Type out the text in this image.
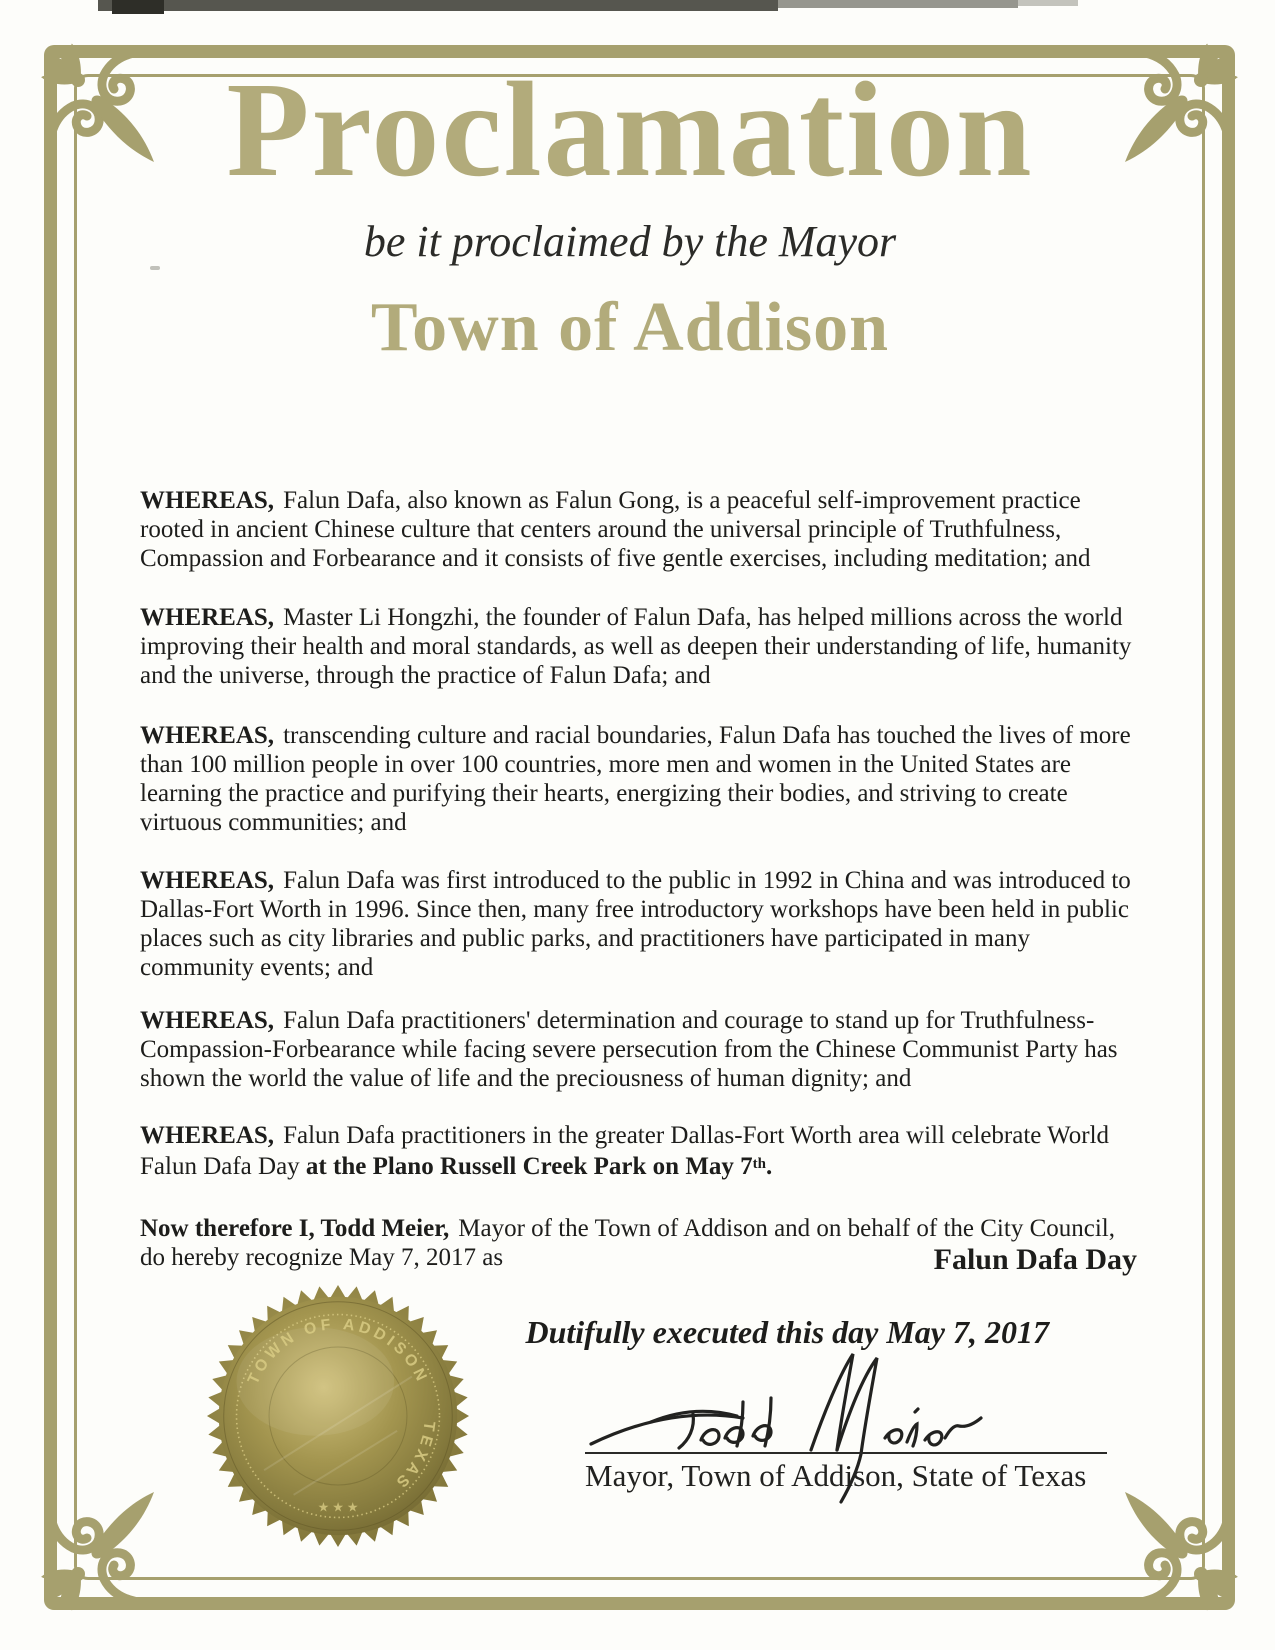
Proclamation
be it proclaimed by the Mayor
Town of Addison

WHEREAS, Falun Dafa, also known as Falun Gong, is a peaceful self-improvement practice rooted in ancient Chinese culture that centers around the universal principle of Truthfulness, Compassion and Forbearance and it consists of five gentle exercises, including meditation; and

WHEREAS, Master Li Hongzhi, the founder of Falun Dafa, has helped millions across the world improving their health and moral standards, as well as deepen their understanding of life, humanity and the universe, through the practice of Falun Dafa; and

WHEREAS, transcending culture and racial boundaries, Falun Dafa has touched the lives of more than 100 million people in over 100 countries, more men and women in the United States are learning the practice and purifying their hearts, energizing their bodies, and striving to create virtuous communities; and

WHEREAS, Falun Dafa was first introduced to the public in 1992 in China and was introduced to Dallas-Fort Worth in 1996. Since then, many free introductory workshops have been held in public places such as city libraries and public parks, and practitioners have participated in many community events; and

WHEREAS, Falun Dafa practitioners' determination and courage to stand up for Truthfulness-Compassion-Forbearance while facing severe persecution from the Chinese Communist Party has shown the world the value of life and the preciousness of human dignity; and

WHEREAS, Falun Dafa practitioners in the greater Dallas-Fort Worth area will celebrate World Falun Dafa Day at the Plano Russell Creek Park on May 7th.

Now therefore I, Todd Meier, Mayor of the Town of Addison and on behalf of the City Council, do hereby recognize May 7, 2017 as	Falun Dafa Day
Dutifully executed this day May 7, 2017
TOWN OF ADDISON
TEXAS
★ ★ ★
Mayor, Town of Addison, State of Texas
